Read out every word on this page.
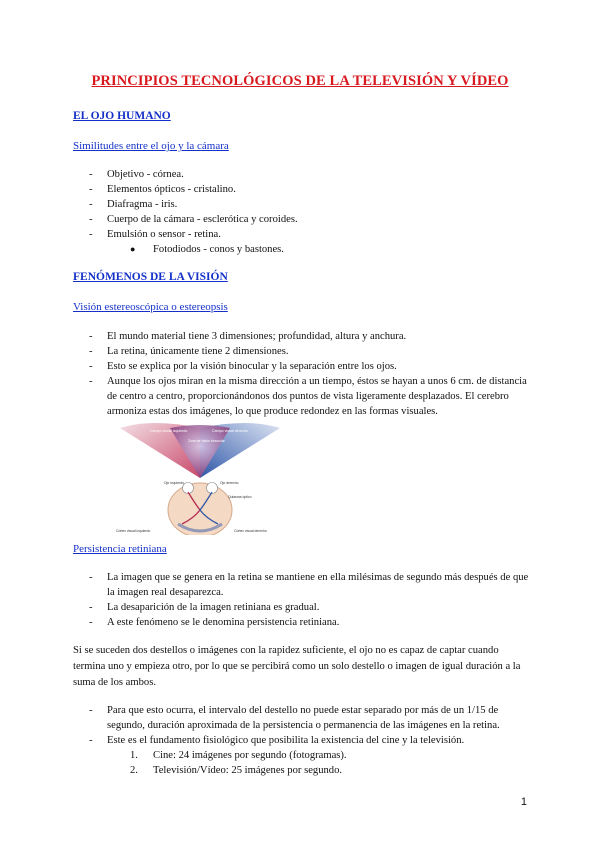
PRINCIPIOS TECNOLÓGICOS DE LA TELEVISIÓN Y VÍDEO
EL OJO HUMANO
Similitudes entre el ojo y la cámara
- Objetivo - córnea.
- Elementos ópticos - cristalino.
- Diafragma - iris.
- Cuerpo de la cámara - esclerótica y coroides.
- Emulsión o sensor - retina.
● Fotodiodos - conos y bastones.
FENÓMENOS DE LA VISIÓN
Visión estereoscópica o estereopsis
- El mundo material tiene 3 dimensiones; profundidad, altura y anchura.
- La retina, únicamente tiene 2 dimensiones.
- Esto se explica por la visión binocular y la separación entre los ojos.
- Aunque los ojos miran en la misma dirección a un tiempo, éstos se hayan a unos 6 cm. de distancia de centro a centro, proporcionándonos dos puntos de vista ligeramente desplazados. El cerebro armoniza estas dos imágenes, lo que produce redondez en las formas visuales.
Campo visual izquierdo	Campo visual derecho
Zona de visión binocular
Ojo izquierdo	Ojo derecho
Quiasma óptico
Córtex visual izquierdo	Córtex visual derecho
Persistencia retiniana
- La imagen que se genera en la retina se mantiene en ella milésimas de segundo más después de que la imagen real desaparezca.
- La desaparición de la imagen retiniana es gradual.
- A este fenómeno se le denomina persistencia retiniana.
Si se suceden dos destellos o imágenes con la rapidez suficiente, el ojo no es capaz de captar cuando termina uno y empieza otro, por lo que se percibirá como un solo destello o imagen de igual duración a la suma de los ambos.
- Para que esto ocurra, el intervalo del destello no puede estar separado por más de un 1/15 de segundo, duración aproximada de la persistencia o permanencia de las imágenes en la retina.
- Este es el fundamento fisiológico que posibilita la existencia del cine y la televisión.
1. Cine: 24 imágenes por segundo (fotogramas).
2. Televisión/Vídeo: 25 imágenes por segundo.
1
